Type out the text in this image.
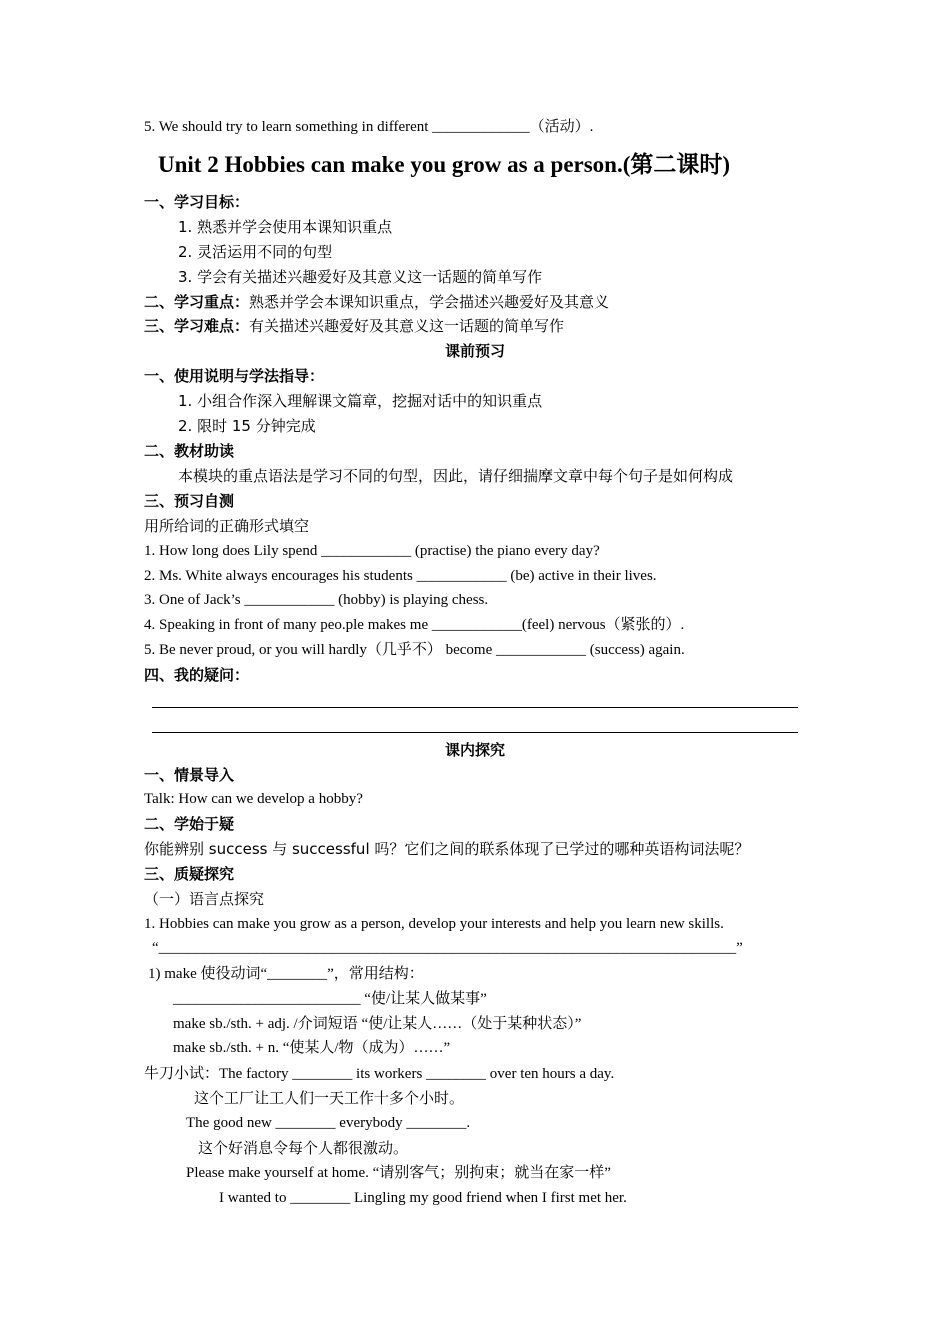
5. We should try to learn something in different _____________（活动）.
Unit 2 Hobbies can make you grow as a person.(第二课时)
一、学习目标：
1. 熟悉并学会使用本课知识重点
2. 灵活运用不同的句型
3. 学会有关描述兴趣爱好及其意义这一话题的简单写作
二、学习重点：熟悉并学会本课知识重点，学会描述兴趣爱好及其意义
三、学习难点：有关描述兴趣爱好及其意义这一话题的简单写作
课前预习
一、使用说明与学法指导：
1. 小组合作深入理解课文篇章，挖掘对话中的知识重点
2. 限时 15 分钟完成
二、教材助读
本模块的重点语法是学习不同的句型，因此，请仔细揣摩文章中每个句子是如何构成
三、预习自测
用所给词的正确形式填空
1. How long does Lily spend ____________ (practise) the piano every day?
2. Ms. White always encourages his students ____________ (be) active in their lives.
3. One of Jack’s ____________ (hobby) is playing chess.
4. Speaking in front of many peo.ple makes me ____________(feel) nervous（紧张的）.
5. Be never proud, or you will hardly（几乎不） become ____________ (success) again.
四、我的疑问：
课内探究
一、情景导入
Talk: How can we develop a hobby?
二、学始于疑
你能辨别 success 与 successful 吗？它们之间的联系体现了已学过的哪种英语构词法呢？
三、质疑探究
（一）语言点探究
1. Hobbies can make you grow as a person, develop your interests and help you learn new skills.
“_____________________________________________________________________________”
1) make 使役动词“________”，常用结构：
_________________________ “使/让某人做某事”
make sb./sth. + adj. /介词短语 “使/让某人……（处于某种状态）”
make sb./sth. + n. “使某人/物（成为）……”
牛刀小试：The factory ________ its workers ________ over ten hours a day.
这个工厂让工人们一天工作十多个小时。
The good new ________ everybody ________.
这个好消息令每个人都很激动。
Please make yourself at home. “请别客气；别拘束；就当在家一样”
I wanted to ________ Lingling my good friend when I first met her.
